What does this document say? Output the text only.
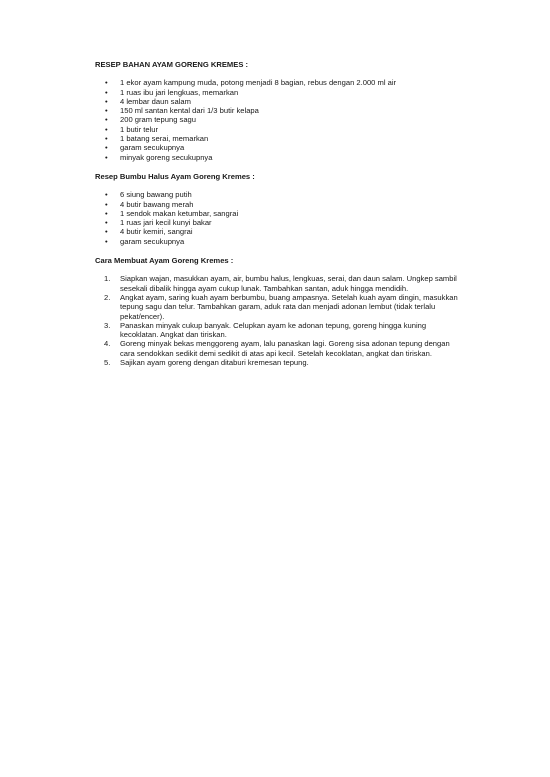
RESEP BAHAN AYAM GORENG KREMES :
• 1 ekor ayam kampung muda, potong menjadi 8 bagian, rebus dengan 2.000 ml air
• 1 ruas ibu jari lengkuas, memarkan
• 4 lembar daun salam
• 150 ml santan kental dari 1/3 butir kelapa
• 200 gram tepung sagu
• 1 butir telur
• 1 batang serai, memarkan
• garam secukupnya
• minyak goreng secukupnya
Resep Bumbu Halus Ayam Goreng Kremes :
• 6 siung bawang putih
• 4 butir bawang merah
• 1 sendok makan ketumbar, sangrai
• 1 ruas jari kecil kunyi bakar
• 4 butir kemiri, sangrai
• garam secukupnya
Cara Membuat Ayam Goreng Kremes :
1. Siapkan wajan, masukkan ayam, air, bumbu halus, lengkuas, serai, dan daun salam. Ungkep sambil sesekali dibalik hingga ayam cukup lunak. Tambahkan santan, aduk hingga mendidih.
2. Angkat ayam, saring kuah ayam berbumbu, buang ampasnya. Setelah kuah ayam dingin, masukkan tepung sagu dan telur. Tambahkan garam, aduk rata dan menjadi adonan lembut (tidak terlalu pekat/encer).
3. Panaskan minyak cukup banyak. Celupkan ayam ke adonan tepung, goreng hingga kuning kecoklatan. Angkat dan tiriskan.
4. Goreng minyak bekas menggoreng ayam, lalu panaskan lagi. Goreng sisa adonan tepung dengan cara sendokkan sedikit demi sedikit di atas api kecil. Setelah kecoklatan, angkat dan tiriskan.
5. Sajikan ayam goreng dengan ditaburi kremesan tepung.
